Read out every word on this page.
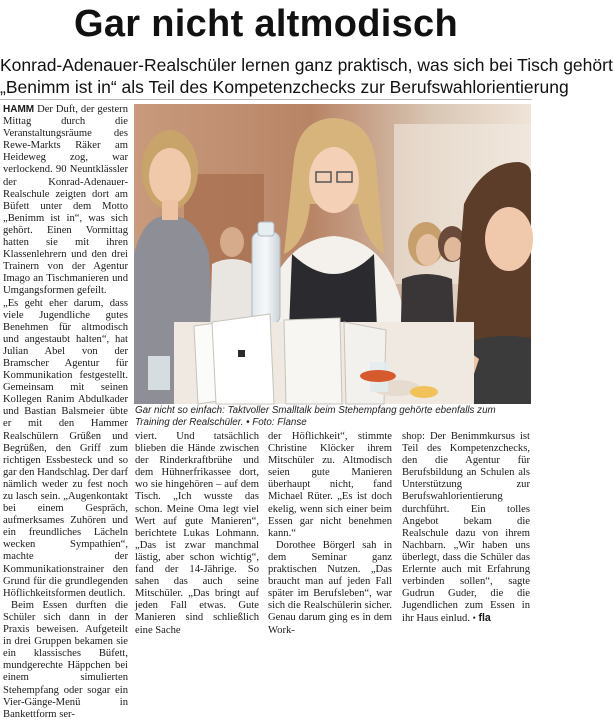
Gar nicht altmodisch
Konrad-Adenauer-Realschüler lernen ganz praktisch, was sich bei Tisch gehört
„Benimm ist in“ als Teil des Kompetenzchecks zur Berufswahlorientierung

HAMM Der Duft, der gestern Mittag durch die Veranstaltungsräume des Rewe-Markts Räker am Heideweg zog, war verlockend. 90 Neuntklässler der Konrad-Adenauer-Realschule zeigten dort am Büfett unter dem Motto „Benimm ist in“, was sich gehört. Einen Vormittag hatten sie mit ihren Klassenlehrern und den drei Trainern von der Agentur Imago an Tischmanieren und Umgangsformen gefeilt.

„Es geht eher darum, dass viele Jugendliche gutes Benehmen für altmodisch und angestaubt halten“, hat Julian Abel von der Bramscher Agentur für Kommunikation festgestellt. Gemeinsam mit seinen Kollegen Ranim Abdulkader und Bastian Balsmeier übte er mit den Hammer Realschülern Grüßen und Begrüßen, den Griff zum richtigen Essbesteck und so gar den Handschlag. Der darf nämlich weder zu fest noch zu lasch sein. „Augenkontakt bei einem Gespräch, aufmerksames Zuhören und ein freundliches Lächeln wecken Sympathien“, machte der Kommunikationstrainer den Grund für die grundlegenden Höflichkeitsformen deutlich.

Beim Essen durften die Schüler sich dann in der Praxis beweisen. Aufgeteilt in drei Gruppen bekamen sie ein klassisches Büfett, mundgerechte Häppchen bei einem simulierten Stehempfang oder sogar ein Vier-Gänge-Menü in Bankettform ser-

Gar nicht so einfach: Taktvoller Smalltalk beim Stehempfang gehörte ebenfalls zum Training der Realschüler. • Foto: Flanse

viert. Und tatsächlich blieben die Hände zwischen der Rinderkraftbrühe und dem Hühnerfrikassee dort, wo sie hingehören – auf dem Tisch. „Ich wusste das schon. Meine Oma legt viel Wert auf gute Manieren“, berichtete Lukas Lohmann. „Das ist zwar manchmal lästig, aber schon wichtig“, fand der 14-Jährige. So sahen das auch seine Mitschüler. „Das bringt auf jeden Fall etwas. Gute Manieren sind schließlich eine Sache

der Höflichkeit“, stimmte Christine Klöcker ihrem Mitschüler zu. Altmodisch seien gute Manieren überhaupt nicht, fand Michael Rüter. „Es ist doch ekelig, wenn sich einer beim Essen gar nicht benehmen kann.“

Dorothee Börgerl sah in dem Seminar ganz praktischen Nutzen. „Das braucht man auf jeden Fall später im Berufsleben“, war sich die Realschülerin sicher. Genau darum ging es in dem Work-

shop: Der Benimmkursus ist Teil des Kompetenzchecks, den die Agentur für Berufsbildung an Schulen als Unterstützung zur Berufswahlorientierung durchführt. Ein tolles Angebot bekam die Realschule dazu von ihrem Nachbarn. „Wir haben uns überlegt, dass die Schüler das Erlernte auch mit Erfahrung verbinden sollen“, sagte Gudrun Guder, die die Jugendlichen zum Essen in ihr Haus einlud. • fla
